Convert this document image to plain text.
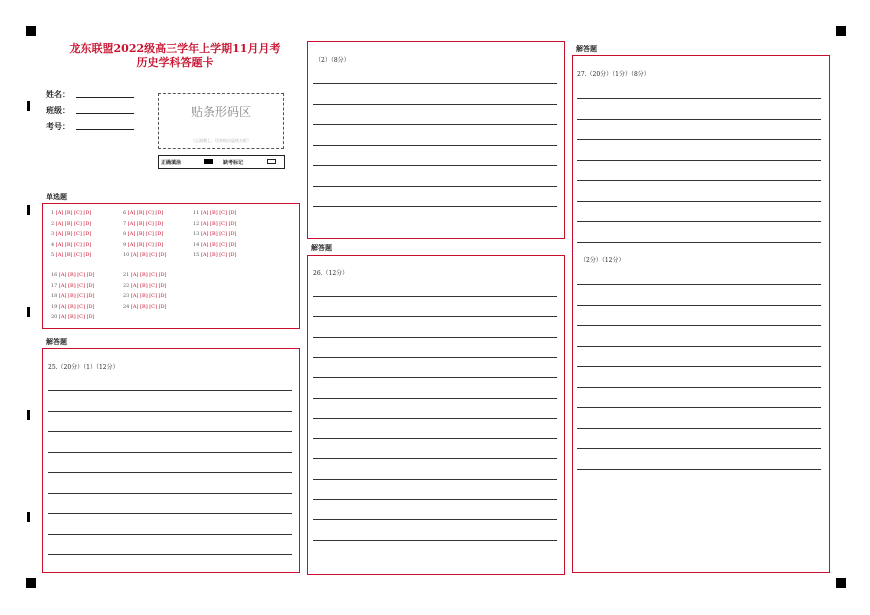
龙东联盟2022级高三学年上学期11月月考
历史学科答题卡
姓名：
班级：
考号：
贴条形码区
（正面朝上，切勿贴出虚线方框）
正确填涂	缺考标记
单选题
1 [A] [B] [C] [D]	6 [A] [B] [C] [D]	11 [A] [B] [C] [D]
2 [A] [B] [C] [D]	7 [A] [B] [C] [D]	12 [A] [B] [C] [D]
3 [A] [B] [C] [D]	8 [A] [B] [C] [D]	13 [A] [B] [C] [D]
4 [A] [B] [C] [D]	9 [A] [B] [C] [D]	14 [A] [B] [C] [D]
5 [A] [B] [C] [D]	10 [A] [B] [C] [D]	15 [A] [B] [C] [D]
16 [A] [B] [C] [D]	21 [A] [B] [C] [D]
17 [A] [B] [C] [D]	22 [A] [B] [C] [D]
18 [A] [B] [C] [D]	23 [A] [B] [C] [D]
19 [A] [B] [C] [D]	24 [A] [B] [C] [D]
20 [A] [B] [C] [D]
解答题
25.（20分）（1）（12分）
（2）（8分）
解答题
26.（12分）
解答题
27.（20分）（1分）（8分）
（2分）（12分）
